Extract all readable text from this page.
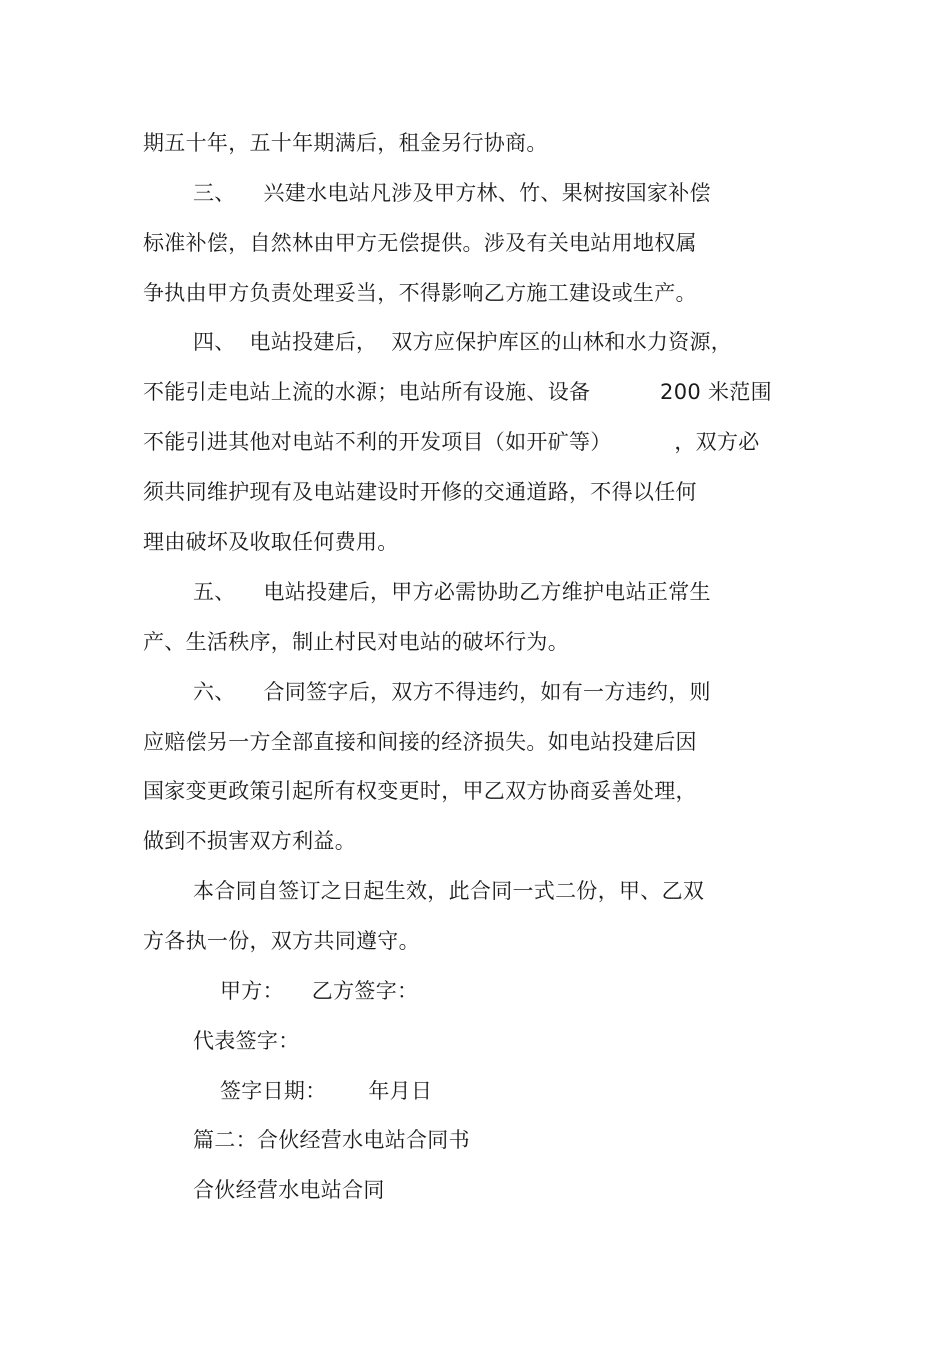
期五十年，五十年期满后，租金另行协商。
三、    兴建水电站凡涉及甲方林、竹、果树按国家补偿
标准补偿，自然林由甲方无偿提供。涉及有关电站用地权属
争执由甲方负责处理妥当，不得影响乙方施工建设或生产。
四、  电站投建后，  双方应保护库区的山林和水力资源，
不能引走电站上流的水源；电站所有设施、设备          200 米范围
不能引进其他对电站不利的开发项目（如开矿等）         ，双方必
须共同维护现有及电站建设时开修的交通道路，不得以任何
理由破坏及收取任何费用。
五、    电站投建后，甲方必需协助乙方维护电站正常生
产、生活秩序，制止村民对电站的破坏行为。
六、    合同签字后，双方不得违约，如有一方违约，则
应赔偿另一方全部直接和间接的经济损失。如电站投建后因
国家变更政策引起所有权变更时，甲乙双方协商妥善处理，
做到不损害双方利益。
本合同自签订之日起生效，此合同一式二份，甲、乙双
方各执一份，双方共同遵守。
甲方：    乙方签字：
代表签字：
签字日期：      年月日
篇二：合伙经营水电站合同书
合伙经营水电站合同
